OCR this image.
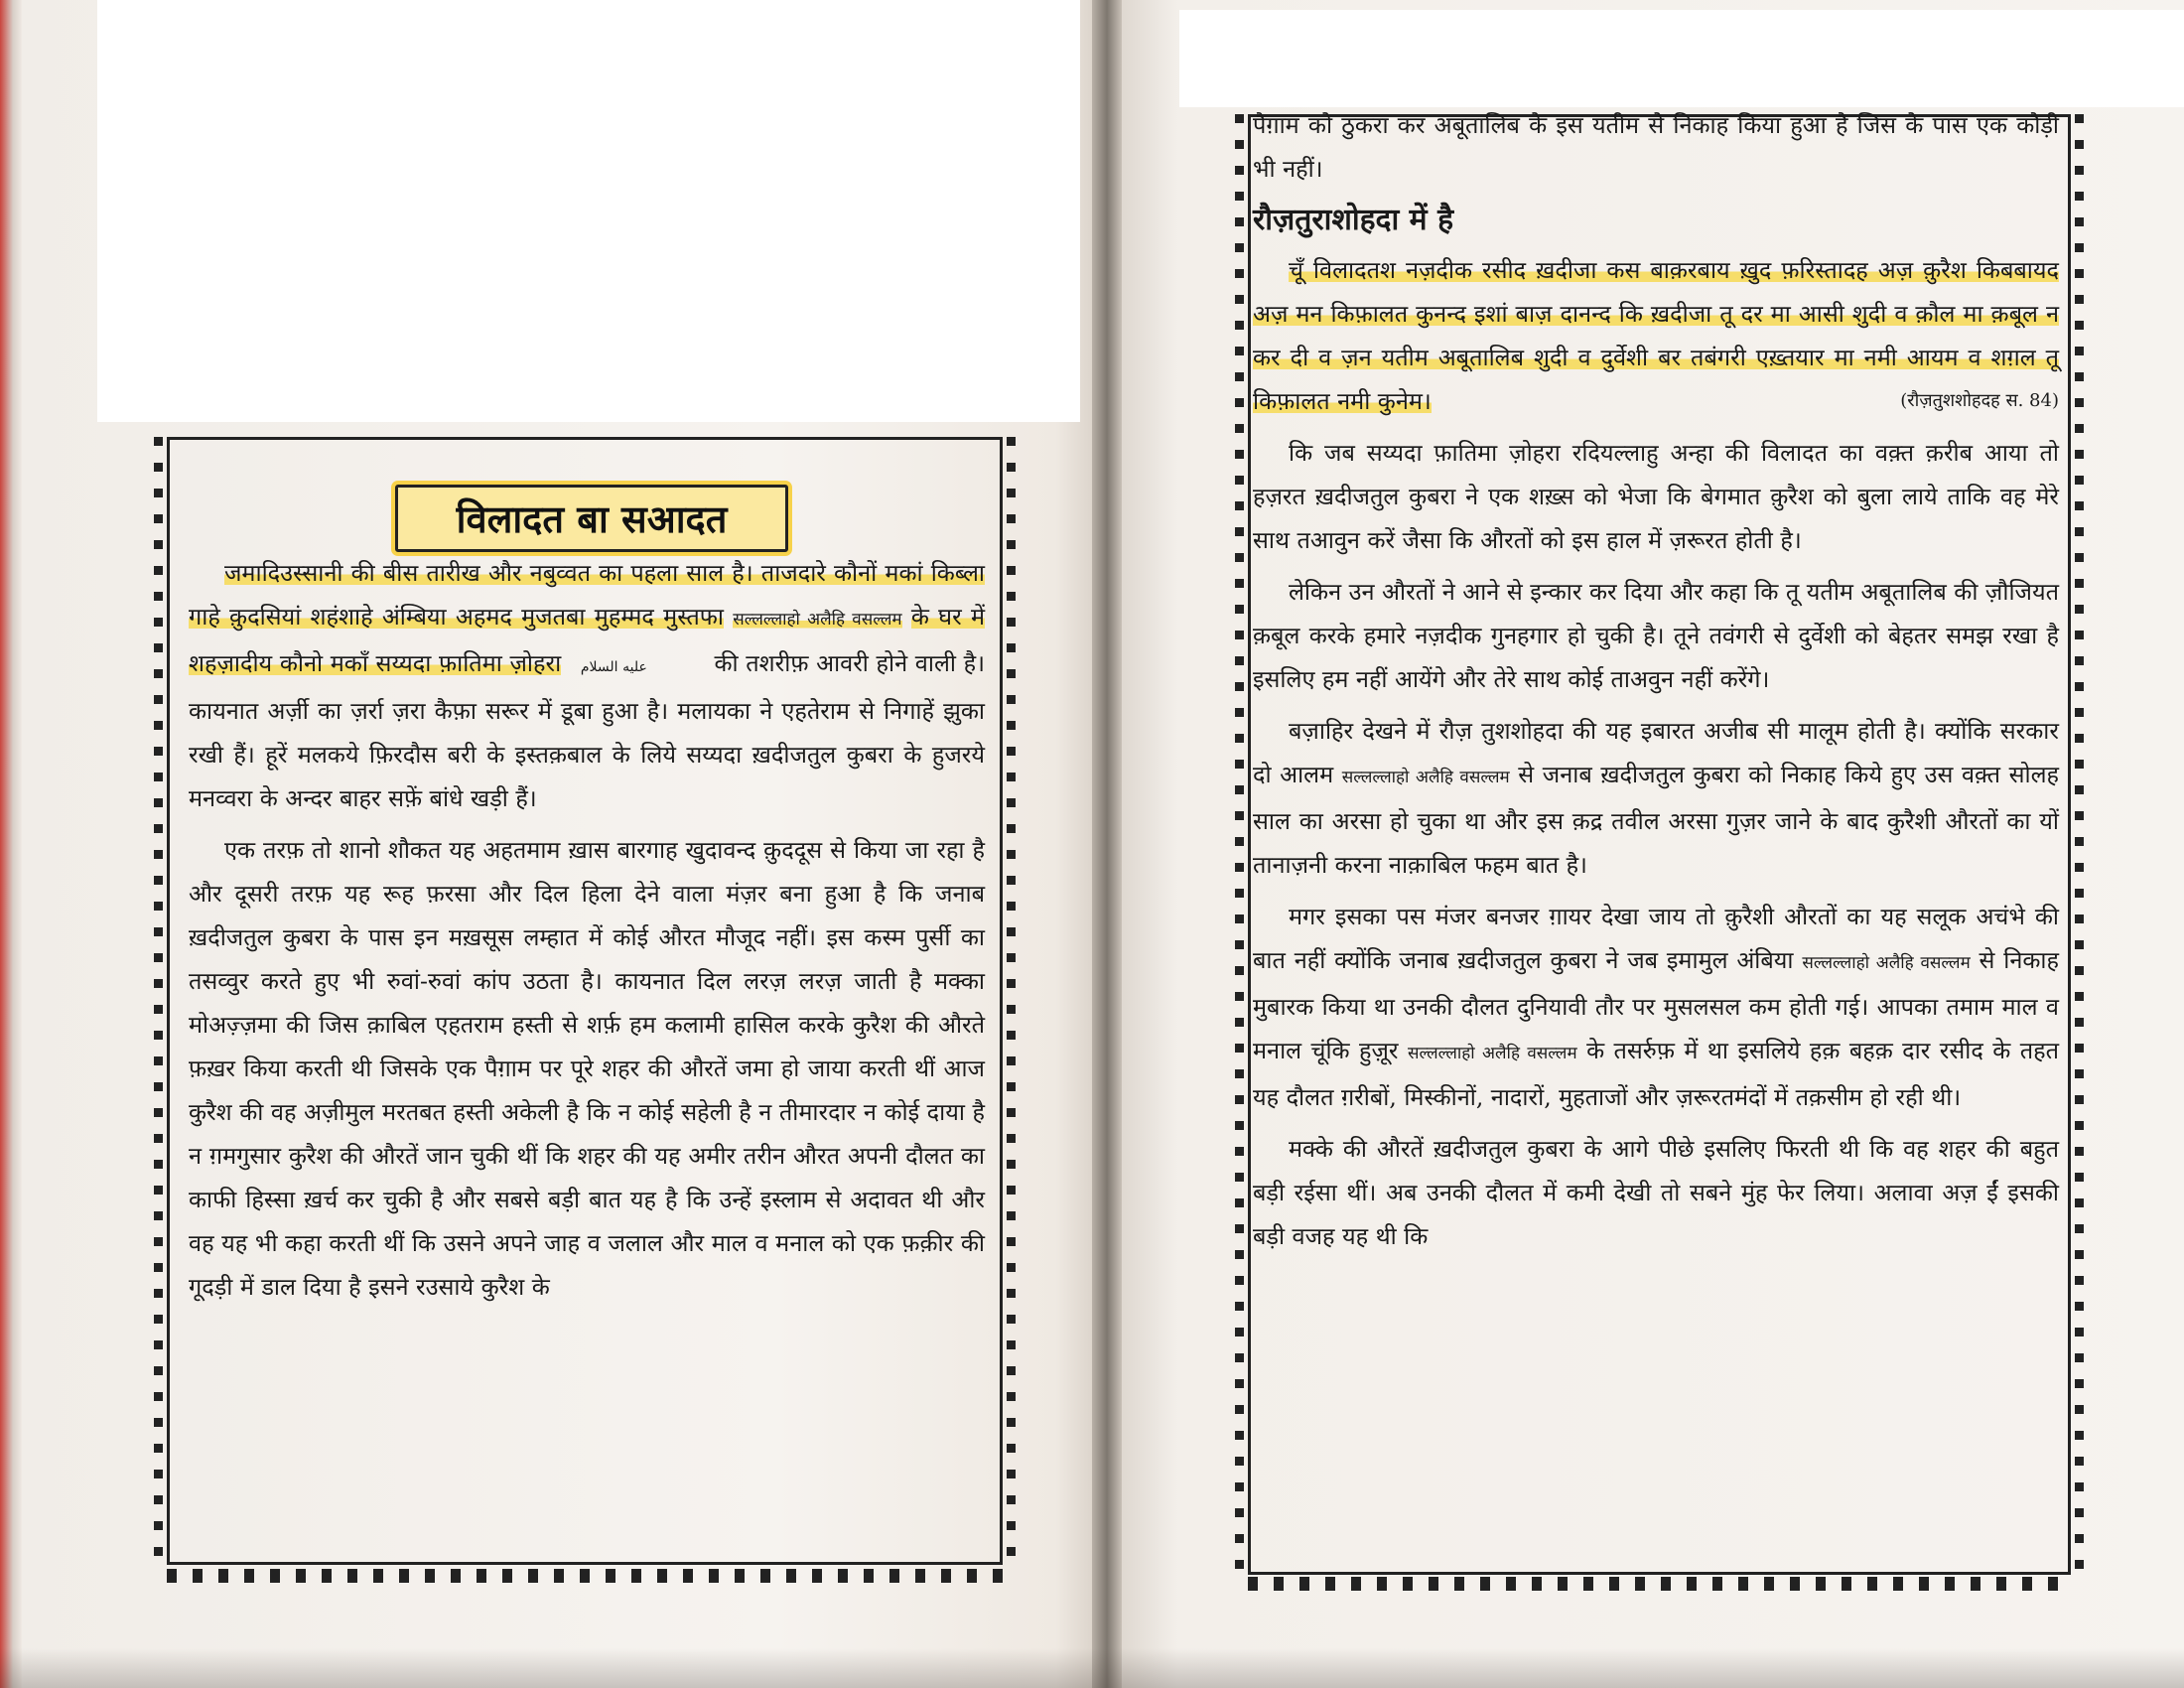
विलादत बा सआदत

जमादिउस्सानी की बीस तारीख और नबुव्वत का पहला साल है। ताजदारे कौनों मकां किब्ला गाहे क़ुदसियां शहंशाहे अंम्बिया अहमद मुजतबा मुहम्मद मुस्तफा सल्लल्लाहो अलैहि वसल्लम के घर में शहज़ादीय कौनो मकाँ सय्यदा फ़ातिमा ज़ोहरा عليه السلام	की तशरीफ़ आवरी होने वाली है। कायनात अर्ज़ी का ज़र्रा ज़रा कैफ़ा सरूर में डूबा हुआ है। मलायका ने एहतेराम से निगाहें झुका रखी हैं। हूरें मलकये फ़िरदौस बरी के इस्तक़बाल के लिये सय्यदा ख़दीजतुल कुबरा के हुजरये मनव्वरा के अन्दर बाहर सफ़ें बांधे खड़ी हैं।

एक तरफ़ तो शानो शौकत यह अहतमाम ख़ास बारगाह खुदावन्द क़ुददूस से किया जा रहा है और दूसरी तरफ़ यह रूह फ़रसा और दिल हिला देने वाला मंज़र बना हुआ है कि जनाब ख़दीजतुल कुबरा के पास इन मख़सूस लम्हात में कोई औरत मौजूद नहीं। इस कस्म पुर्सी का तसव्वुर करते हुए भी रुवां-रुवां कांप उठता है। कायनात दिल लरज़ लरज़ जाती है मक्का मोअज़्ज़मा की जिस क़ाबिल एहतराम हस्ती से शर्फ़ हम कलामी हासिल करके कुरैश की औरते फ़ख़र किया करती थी जिसके एक पैग़ाम पर पूरे शहर की औरतें जमा हो जाया करती थीं आज कुरैश की वह अज़ीमुल मरतबत हस्ती अकेली है कि न कोई सहेली है न तीमारदार न कोई दाया है न ग़मगुसार कुरैश की औरतें जान चुकी थीं कि शहर की यह अमीर तरीन औरत अपनी दौलत का काफी हिस्सा ख़र्च कर चुकी है और सबसे बड़ी बात यह है कि उन्हें इस्लाम से अदावत थी और वह यह भी कहा करती थीं कि उसने अपने जाह व जलाल और माल व मनाल को एक फ़क़ीर की गूदड़ी में डाल दिया है इसने रउसाये कुरैश के

पैग़ाम को ठुकरा कर अबूतालिब के इस यतीम से निकाह किया हुआ है जिस के पास एक कौड़ी भी नहीं।

रौज़तुराशोहदा में है

चूँ विलादतश नज़दीक रसीद ख़दीजा कस बाक़रबाय ख़ुद फ़रिस्तादह अज़ क़ुरैश किबबायद अज़ मन किफ़ालत कुनन्द इशां बाज़ दानन्द कि ख़दीजा तू दर मा आसी शुदी व क़ौल मा क़बूल न कर दी व ज़न यतीम अबूतालिब शुदी व दुर्वेशी बर तबंगरी एख़्तयार मा नमी आयम व शग़ल तू किफ़ालत नमी कुनेम।	(रौज़तुशशोहदह स. 84)

कि जब सय्यदा फ़ातिमा ज़ोहरा रदियल्लाहु अन्हा की विलादत का वक़्त क़रीब आया तो हज़रत ख़दीजतुल कुबरा ने एक शख़्स को भेजा कि बेगमात क़ुरैश को बुला लाये ताकि वह मेरे साथ तआवुन करें जैसा कि औरतों को इस हाल में ज़रूरत होती है।

लेकिन उन औरतों ने आने से इन्कार कर दिया और कहा कि तू यतीम अबूतालिब की ज़ौजियत क़बूल करके हमारे नज़दीक गुनहगार हो चुकी है। तूने तवंगरी से दुर्वेशी को बेहतर समझ रखा है इसलिए हम नहीं आयेंगे और तेरे साथ कोई ताअवुन नहीं करेंगे।

बज़ाहिर देखने में रौज़ तुशशोहदा की यह इबारत अजीब सी मालूम होती है। क्योंकि सरकार दो आलम सल्लल्लाहो अलैहि वसल्लम से जनाब ख़दीजतुल कुबरा को निकाह किये हुए उस वक़्त सोलह साल का अरसा हो चुका था और इस क़द्र तवील अरसा गुज़र जाने के बाद कुरैशी औरतों का यों तानाज़नी करना नाक़ाबिल फहम बात है।

मगर इसका पस मंजर बनजर ग़ायर देखा जाय तो क़ुरैशी औरतों का यह सलूक अचंभे की बात नहीं क्योंकि जनाब ख़दीजतुल कुबरा ने जब इमामुल अंबिया सल्लल्लाहो अलैहि वसल्लम से निकाह मुबारक किया था उनकी दौलत दुनियावी तौर पर मुसलसल कम होती गई। आपका तमाम माल व मनाल चूंकि हुज़ूर सल्लल्लाहो अलैहि वसल्लम के तसर्रुफ़ में था इसलिये हक़ बहक़ दार रसीद के तहत यह दौलत ग़रीबों, मिस्कीनों, नादारों, मुहताजों और ज़रूरतमंदों में तक़सीम हो रही थी।

मक्के की औरतें ख़दीजतुल कुबरा के आगे पीछे इसलिए फिरती थी कि वह शहर की बहुत बड़ी रईसा थीं। अब उनकी दौलत में कमी देखी तो सबने मुंह फेर लिया। अलावा अज़ ईं इसकी बड़ी वजह यह थी कि
